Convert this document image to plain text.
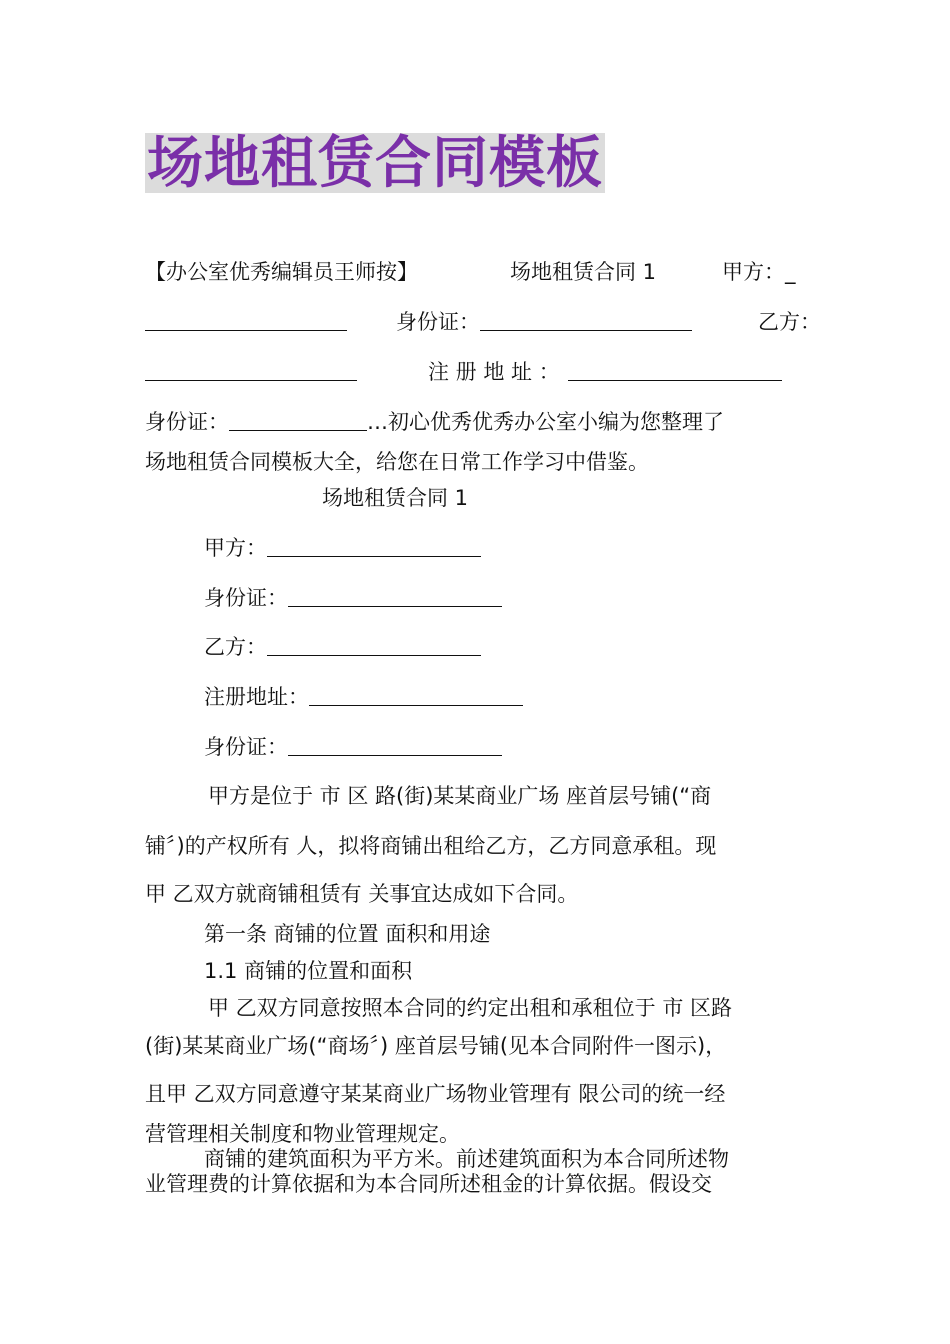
场地租赁合同模板
【办公室优秀编辑员王师按】	场地租赁合同 1	甲方：_
身份证：	乙方：
注 册 地 址 ：
身份证：	…初心优秀优秀办公室小编为您整理了
场地租赁合同模板大全，给您在日常工作学习中借鉴。
场地租赁合同 1
甲方：
身份证：
乙方：
注册地址：
身份证：
甲方是位于 市 区 路(街)某某商业广场 座首层号铺(“商
铺〞)的产权所有 人，拟将商铺出租给乙方，乙方同意承租。现
甲 乙双方就商铺租赁有 关事宜达成如下合同。
第一条 商铺的位置 面积和用途
1.1 商铺的位置和面积
甲 乙双方同意按照本合同的约定出租和承租位于 市 区路
(街)某某商业广场(“商场〞) 座首层号铺(见本合同附件一图示)，
且甲 乙双方同意遵守某某商业广场物业管理有 限公司的统一经
营管理相关制度和物业管理规定。
商铺的建筑面积为平方米。前述建筑面积为本合同所述物
业管理费的计算依据和为本合同所述租金的计算依据。假设交
